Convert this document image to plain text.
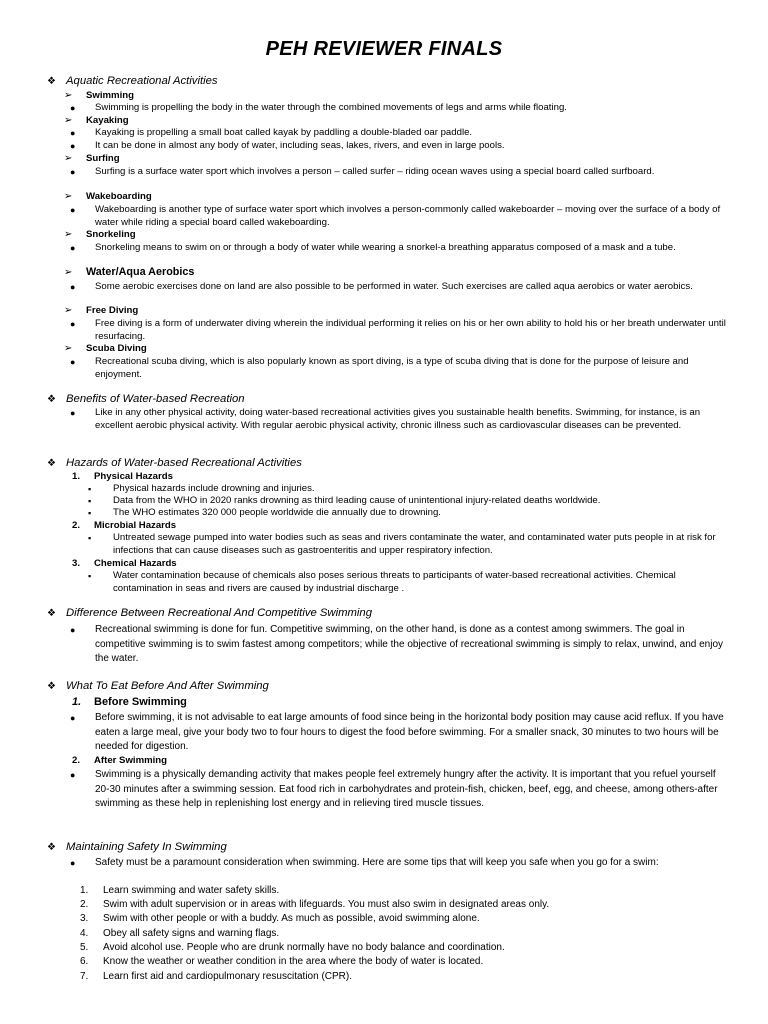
PEH REVIEWER FINALS
❖ Aquatic Recreational Activities
➢ Swimming
● Swimming is propelling the body in the water through the combined movements of legs and arms while floating.
➢ Kayaking
● Kayaking is propelling a small boat called kayak by paddling a double-bladed oar paddle.
● It can be done in almost any body of water, including seas, lakes, rivers, and even in large pools.
➢ Surfing
● Surfing is a surface water sport which involves a person – called surfer – riding ocean waves using a special board called surfboard.
➢ Wakeboarding
● Wakeboarding is another type of surface water sport which involves a person-commonly called wakeboarder – moving over the surface of a body of water while riding a special board called wakeboarding.
➢ Snorkeling
● Snorkeling means to swim on or through a body of water while wearing a snorkel-a breathing apparatus composed of a mask and a tube.
➢ Water/Aqua Aerobics
● Some aerobic exercises done on land are also possible to be performed in water. Such exercises are called aqua aerobics or water aerobics.
➢ Free Diving
● Free diving is a form of underwater diving wherein the individual performing it relies on his or her own ability to hold his or her breath underwater until resurfacing.
➢ Scuba Diving
● Recreational scuba diving, which is also popularly known as sport diving, is a type of scuba diving that is done for the purpose of leisure and enjoyment.
❖ Benefits of Water-based Recreation
● Like in any other physical activity, doing water-based recreational activities gives you sustainable health benefits. Swimming, for instance, is an excellent aerobic physical activity. With regular aerobic physical activity, chronic illness such as cardiovascular diseases can be prevented.
❖ Hazards of Water-based Recreational Activities
1. Physical Hazards
▪ Physical hazards include drowning and injuries.
▪ Data from the WHO in 2020 ranks drowning as third leading cause of unintentional injury-related deaths worldwide.
▪ The WHO estimates 320 000 people worldwide die annually due to drowning.
2. Microbial Hazards
▪ Untreated sewage pumped into water bodies such as seas and rivers contaminate the water, and contaminated water puts people in at risk for infections that can cause diseases such as gastroenteritis and upper respiratory infection.
3. Chemical Hazards
▪ Water contamination because of chemicals also poses serious threats to participants of water-based recreational activities. Chemical contamination in seas and rivers are caused by industrial discharge .
❖ Difference Between Recreational And Competitive Swimming
● Recreational swimming is done for fun. Competitive swimming, on the other hand, is done as a contest among swimmers. The goal in competitive swimming is to swim fastest among competitors; while the objective of recreational swimming is simply to relax, unwind, and enjoy the water.
❖ What To Eat Before And After Swimming
1. Before Swimming
● Before swimming, it is not advisable to eat large amounts of food since being in the horizontal body position may cause acid reflux. If you have eaten a large meal, give your body two to four hours to digest the food before swimming. For a smaller snack, 30 minutes to two hours will be needed for digestion.
2. After Swimming
● Swimming is a physically demanding activity that makes people feel extremely hungry after the activity. It is important that you refuel yourself 20-30 minutes after a swimming session. Eat food rich in carbohydrates and protein-fish, chicken, beef, egg, and cheese, among others-after swimming as these help in replenishing lost energy and in relieving tired muscle tissues.
❖ Maintaining Safety In Swimming
● Safety must be a paramount consideration when swimming. Here are some tips that will keep you safe when you go for a swim:
1. Learn swimming and water safety skills.
2. Swim with adult supervision or in areas with lifeguards. You must also swim in designated areas only.
3. Swim with other people or with a buddy. As much as possible, avoid swimming alone.
4. Obey all safety signs and warning flags.
5. Avoid alcohol use. People who are drunk normally have no body balance and coordination.
6. Know the weather or weather condition in the area where the body of water is located.
7. Learn first aid and cardiopulmonary resuscitation (CPR).
